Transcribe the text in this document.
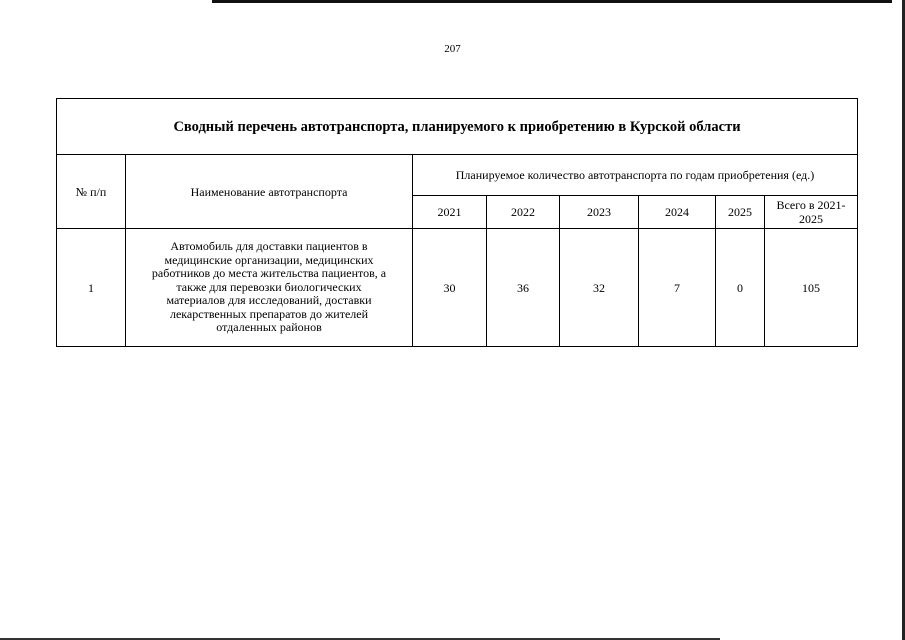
207
Сводный перечень автотранспорта, планируемого к приобретению в Курской области							
№ п/п	Наименование автотранспорта	Планируемое количество автотранспорта по годам приобретения (ед.)					
		2021	2022	2023	2024	2025	Всего в 2021-2025
1	Автомобиль для доставки пациентов в медицинские организации, медицинских работников до места жительства пациентов, а также для перевозки биологических материалов для исследований, доставки лекарственных препаратов до жителей отдаленных районов	30	36	32	7	0	105
